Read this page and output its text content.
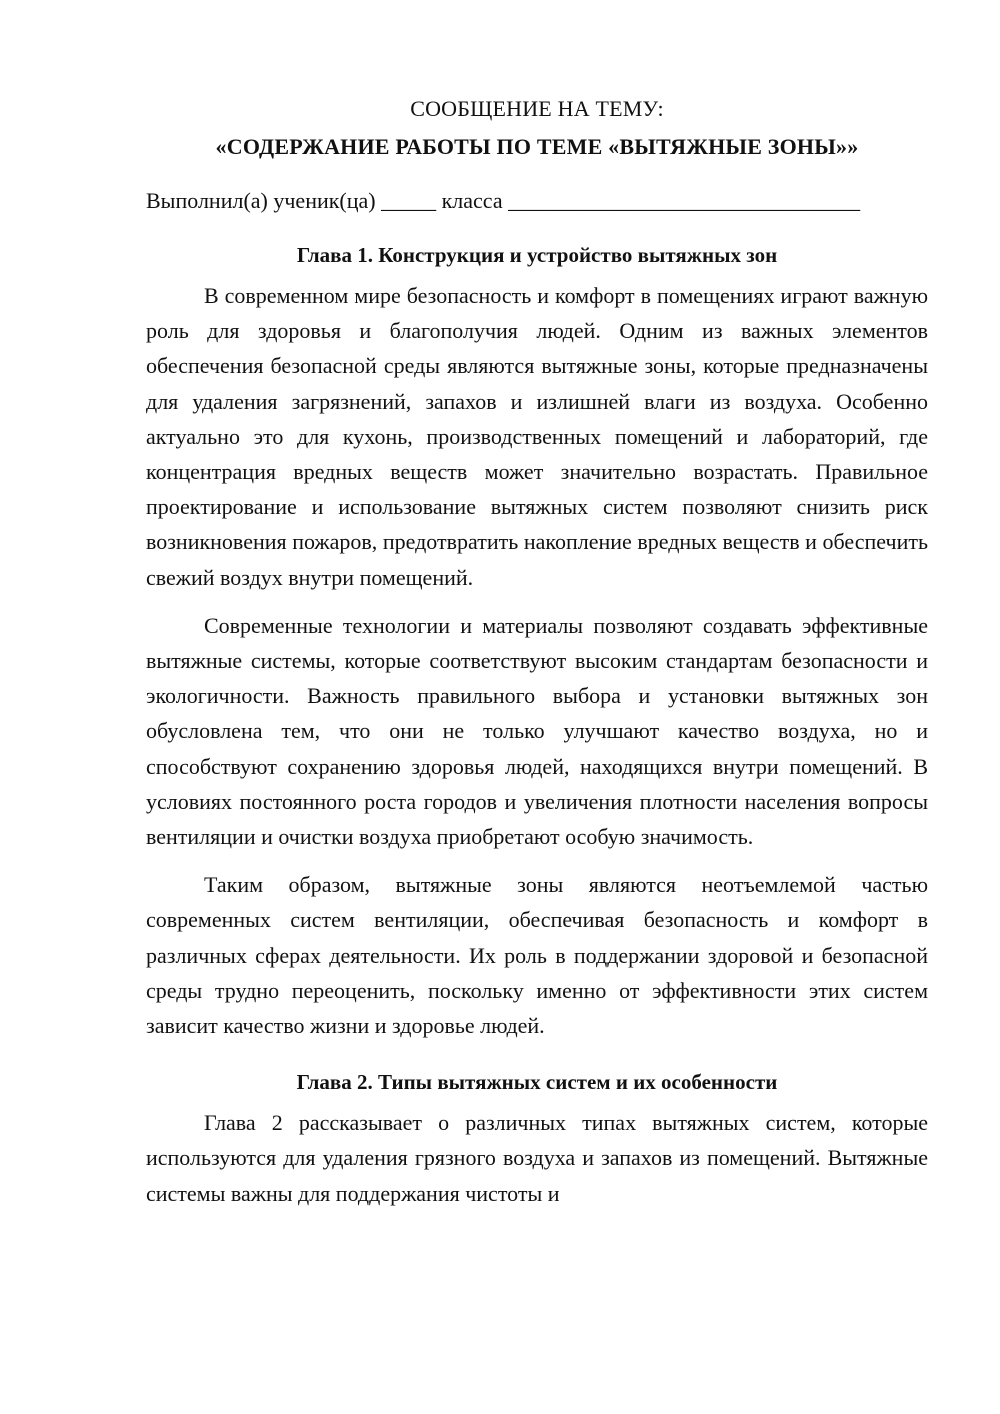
СООБЩЕНИЕ НА ТЕМУ:

«СОДЕРЖАНИЕ РАБОТЫ ПО ТЕМЕ «ВЫТЯЖНЫЕ ЗОНЫ»»

Выполнил(а) ученик(ца) _____ класса ________________________________

Глава 1. Конструкция и устройство вытяжных зон

В современном мире безопасность и комфорт в помещениях играют важную роль для здоровья и благополучия людей. Одним из важных элементов обеспечения безопасной среды являются вытяжные зоны, которые предназначены для удаления загрязнений, запахов и излишней влаги из воздуха. Особенно актуально это для кухонь, производственных помещений и лабораторий, где концентрация вредных веществ может значительно возрастать. Правильное проектирование и использование вытяжных систем позволяют снизить риск возникновения пожаров, предотвратить накопление вредных веществ и обеспечить свежий воздух внутри помещений.

Современные технологии и материалы позволяют создавать эффективные вытяжные системы, которые соответствуют высоким стандартам безопасности и экологичности. Важность правильного выбора и установки вытяжных зон обусловлена тем, что они не только улучшают качество воздуха, но и способствуют сохранению здоровья людей, находящихся внутри помещений. В условиях постоянного роста городов и увеличения плотности населения вопросы вентиляции и очистки воздуха приобретают особую значимость.

Таким образом, вытяжные зоны являются неотъемлемой частью современных систем вентиляции, обеспечивая безопасность и комфорт в различных сферах деятельности. Их роль в поддержании здоровой и безопасной среды трудно переоценить, поскольку именно от эффективности этих систем зависит качество жизни и здоровье людей.

Глава 2. Типы вытяжных систем и их особенности

Глава 2 рассказывает о различных типах вытяжных систем, которые используются для удаления грязного воздуха и запахов из помещений. Вытяжные системы важны для поддержания чистоты и
